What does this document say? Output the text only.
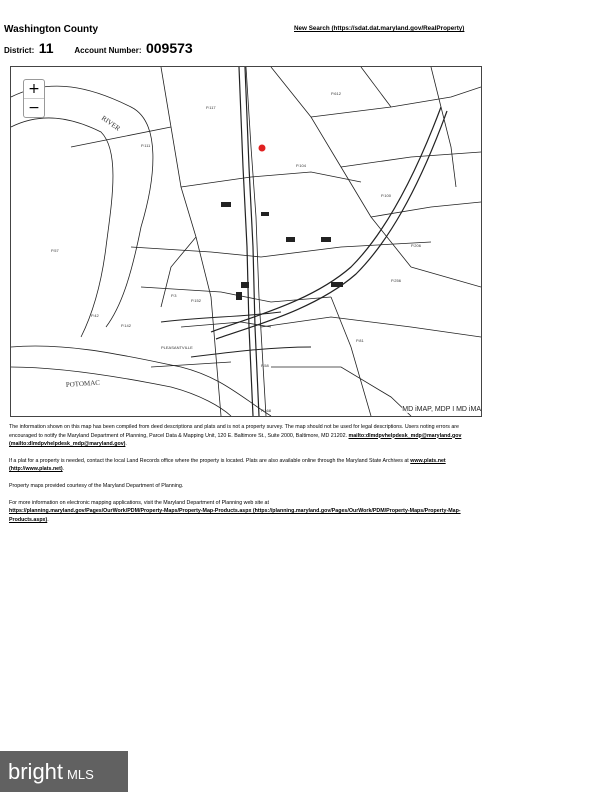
Washington County	New Search (https://sdat.dat.maryland.gov/RealProperty)
District: 11	Account Number: 009573
P.117
P.612
P.111
P.104
P.100
P.206
P.57
P.152
P.3
P.142
P.81
P.58
P.42
P.256
P.168
RIVER
POTOMAC
PLEASANTVILLE
+
−
MD iMAP, MDP I MD iMA

The information shown on this map has been compiled from deed descriptions and plats and is not a property survey. The map should not be used for legal descriptions. Users noting errors are encouraged to notify the Maryland Department of Planning, Parcel Data & Mapping Unit, 120 E. Baltimore St., Suite 2000, Baltimore, MD 21202. mailto:dlmdpvhelpdesk_mdp@maryland.gov (mailto:dlmdpvhelpdesk_mdp@maryland.gov).

If a plat for a property is needed, contact the local Land Records office where the property is located. Plats are also available online through the Maryland State Archives at www.plats.net (http://www.plats.net).

Property maps provided courtesy of the Maryland Department of Planning.

For more information on electronic mapping applications, visit the Maryland Department of Planning web site at
https://planning.maryland.gov/Pages/OurWork/PDM/Property-Maps/Property-Map-Products.aspx (https://planning.maryland.gov/Pages/OurWork/PDM/Property-Maps/Property-Map-Products.aspx).

bright MLS
